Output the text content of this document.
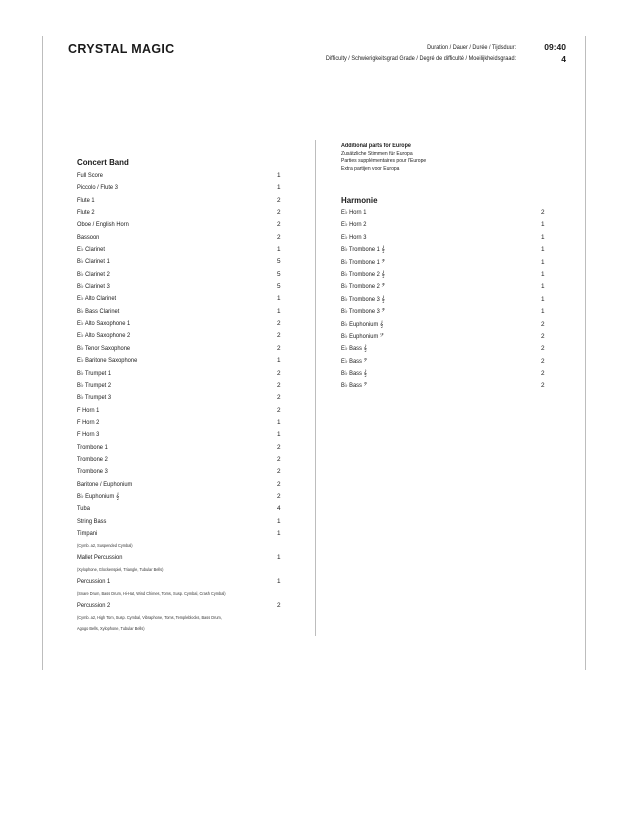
CRYSTAL MAGIC	Duration / Dauer / Durée / Tijdsduur:	09:40
Difficulty / Schwierigkeitsgrad Grade / Degré de difficulté / Moeilijkheidsgraad:	4
Concert Band
Full Score	1
Piccolo / Flute 3	1
Flute 1	2
Flute 2	2
Oboe / English Horn	2
Bassoon	2
E♭ Clarinet	1
B♭ Clarinet 1	5
B♭ Clarinet 2	5
B♭ Clarinet 3	5
E♭ Alto Clarinet	1
B♭ Bass Clarinet	1
E♭ Alto Saxophone 1	2
E♭ Alto Saxophone 2	2
B♭ Tenor Saxophone	2
E♭ Baritone Saxophone	1
B♭ Trumpet 1	2
B♭ Trumpet 2	2
B♭ Trumpet 3	2
F Horn 1	2
F Horn 2	1
F Horn 3	1
Trombone 1	2
Trombone 2	2
Trombone 3	2
Baritone / Euphonium	2
B♭ Euphonium 𝄞	2
Tuba	4
String Bass	1
Timpani	1
(Cymb. a2, Suspended Cymbal)
Mallet Percussion	1
(Xylophone, Glockenspiel, Triangle, Tubular Bells)
Percussion 1	1
(Snare Drum, Bass Drum, Hi-Hat, Wind Chimes, Toms, Susp. Cymbal, Crash Cymbal)
Percussion 2	2
(Cymb. a2, High Tom, Susp. Cymbal, Vibraphone, Toms, Templeblocks, Bass Drum,
Agogo Bells, Xylophone, Tubular Bells)
Additional parts for Europe
Zusätzliche Stimmen für Europa
Parties supplémentaires pour l'Europe
Extra partijen voor Europa
Harmonie
E♭ Horn 1	2
E♭ Horn 2	1
E♭ Horn 3	1
B♭ Trombone 1 𝄞	1
B♭ Trombone 1 𝄢	1
B♭ Trombone 2 𝄞	1
B♭ Trombone 2 𝄢	1
B♭ Trombone 3 𝄞	1
B♭ Trombone 3 𝄢	1
B♭ Euphonium 𝄞	2
B♭ Euphonium 𝄢	2
E♭ Bass 𝄞	2
E♭ Bass 𝄢	2
B♭ Bass 𝄞	2
B♭ Bass 𝄢	2
